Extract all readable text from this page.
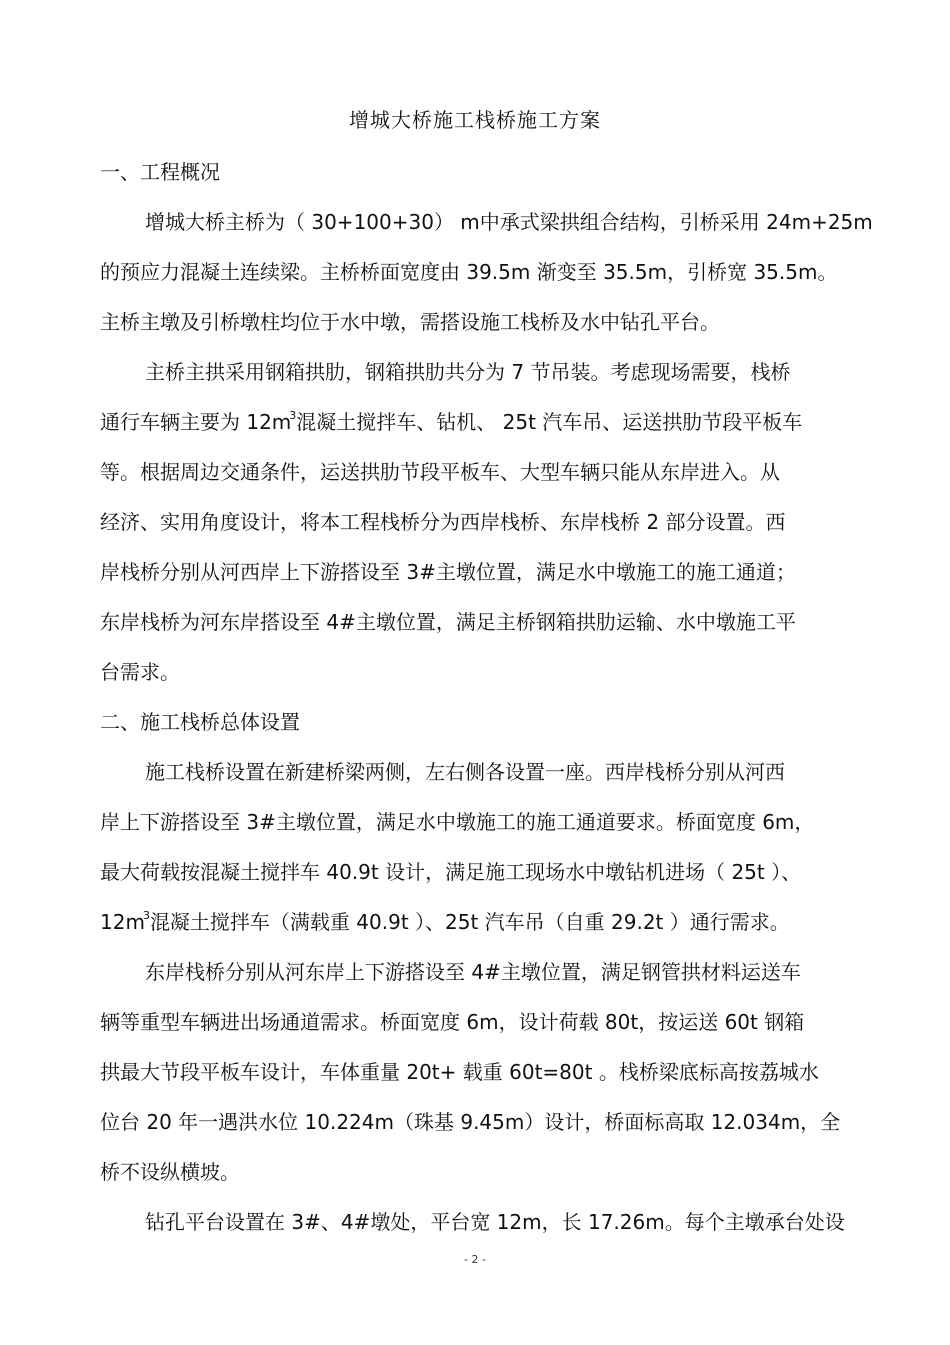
增城大桥施工栈桥施工方案
一、工程概况
增城大桥主桥为（ 30+100+30） m中承式梁拱组合结构，引桥采用 24m+25m
的预应力混凝土连续梁。主桥桥面宽度由 39.5m 渐变至 35.5m，引桥宽 35.5m。
主桥主墩及引桥墩柱均位于水中墩，需搭设施工栈桥及水中钻孔平台。
主桥主拱采用钢箱拱肋，钢箱拱肋共分为 7 节吊装。考虑现场需要，栈桥
通行车辆主要为 $12m^3$混凝土搅拌车、钻机、 25t 汽车吊、运送拱肋节段平板车
等。根据周边交通条件，运送拱肋节段平板车、大型车辆只能从东岸进入。从
经济、实用角度设计，将本工程栈桥分为西岸栈桥、东岸栈桥 2 部分设置。西
岸栈桥分别从河西岸上下游搭设至 3#主墩位置，满足水中墩施工的施工通道；
东岸栈桥为河东岸搭设至 4#主墩位置，满足主桥钢箱拱肋运输、水中墩施工平
台需求。
二、施工栈桥总体设置
施工栈桥设置在新建桥梁两侧，左右侧各设置一座。西岸栈桥分别从河西
岸上下游搭设至 3#主墩位置，满足水中墩施工的施工通道要求。桥面宽度 6m，
最大荷载按混凝土搅拌车 40.9t 设计，满足施工现场水中墩钻机进场（ 25t ）、
$12m^3$混凝土搅拌车（满载重 40.9t ）、25t 汽车吊（自重 29.2t ）通行需求。
东岸栈桥分别从河东岸上下游搭设至 4#主墩位置，满足钢管拱材料运送车
辆等重型车辆进出场通道需求。桥面宽度 6m，设计荷载 80t，按运送 60t 钢箱
拱最大节段平板车设计，车体重量 20t+ 载重 60t=80t 。栈桥梁底标高按荔城水
位台 20 年一遇洪水位 10.224m（珠基 9.45m）设计，桥面标高取 12.034m，全
桥不设纵横坡。
钻孔平台设置在 3#、4#墩处，平台宽 12m，长 17.26m。每个主墩承台处设
- 2 -
